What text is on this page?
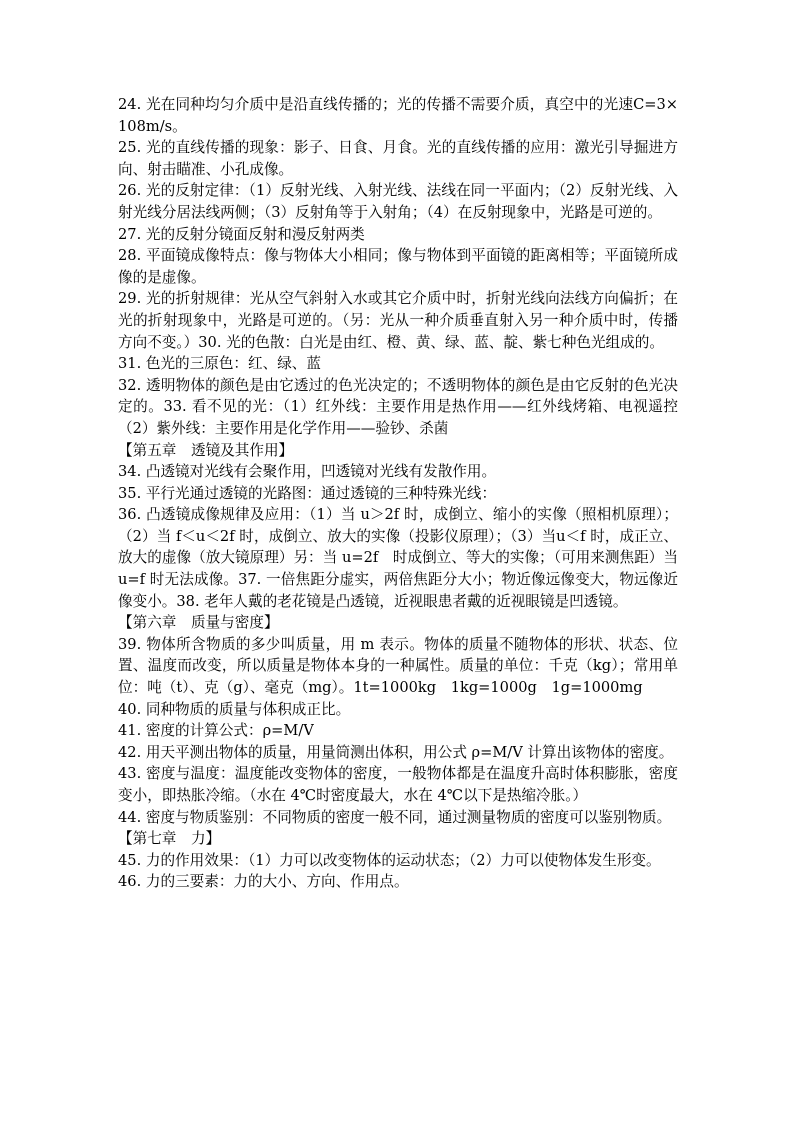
24. 光在同种均匀介质中是沿直线传播的；光的传播不需要介质，真空中的光速C=3×108m/s。

25. 光的直线传播的现象：影子、日食、月食。光的直线传播的应用：激光引导掘进方向、射击瞄准、小孔成像。

26. 光的反射定律：（1）反射光线、入射光线、法线在同一平面内；（2）反射光线、入射光线分居法线两侧；（3）反射角等于入射角；（4）在反射现象中，光路是可逆的。

27. 光的反射分镜面反射和漫反射两类

28. 平面镜成像特点：像与物体大小相同；像与物体到平面镜的距离相等；平面镜所成像的是虚像。

29. 光的折射规律：光从空气斜射入水或其它介质中时，折射光线向法线方向偏折；在光的折射现象中，光路是可逆的。（另：光从一种介质垂直射入另一种介质中时，传播方向不变。）30. 光的色散：白光是由红、橙、黄、绿、蓝、靛、紫七种色光组成的。

31. 色光的三原色：红、绿、蓝

32. 透明物体的颜色是由它透过的色光决定的；不透明物体的颜色是由它反射的色光决定的。33. 看不见的光：（1）红外线：主要作用是热作用——红外线烤箱、电视遥控（2）紫外线：主要作用是化学作用——验钞、杀菌

【第五章　透镜及其作用】

34. 凸透镜对光线有会聚作用，凹透镜对光线有发散作用。

35. 平行光通过透镜的光路图：通过透镜的三种特殊光线：

36. 凸透镜成像规律及应用：（1）当 u＞2f 时，成倒立、缩小的实像（照相机原理）；（2）当 f＜u＜2f 时，成倒立、放大的实像（投影仪原理）；（3）当u＜f 时，成正立、放大的虚像（放大镜原理）另：当 u=2f　时成倒立、等大的实像；（可用来测焦距）当 u=f 时无法成像。37. 一倍焦距分虚实，两倍焦距分大小；物近像远像变大，物远像近像变小。38. 老年人戴的老花镜是凸透镜，近视眼患者戴的近视眼镜是凹透镜。

【第六章　质量与密度】

39. 物体所含物质的多少叫质量，用 m 表示。物体的质量不随物体的形状、状态、位置、温度而改变，所以质量是物体本身的一种属性。质量的单位：千克（kg）；常用单位：吨（t）、克（g）、毫克（mg）。1t=1000kg　1kg=1000g　1g=1000mg

40. 同种物质的质量与体积成正比。

41. 密度的计算公式：ρ=M/V

42. 用天平测出物体的质量，用量筒测出体积，用公式 ρ=M/V 计算出该物体的密度。

43. 密度与温度：温度能改变物体的密度，一般物体都是在温度升高时体积膨胀，密度变小，即热胀冷缩。（水在 4℃时密度最大，水在 4℃以下是热缩冷胀。）

44. 密度与物质鉴别：不同物质的密度一般不同，通过测量物质的密度可以鉴别物质。

【第七章　力】

45. 力的作用效果：（1）力可以改变物体的运动状态；（2）力可以使物体发生形变。

46. 力的三要素：力的大小、方向、作用点。
